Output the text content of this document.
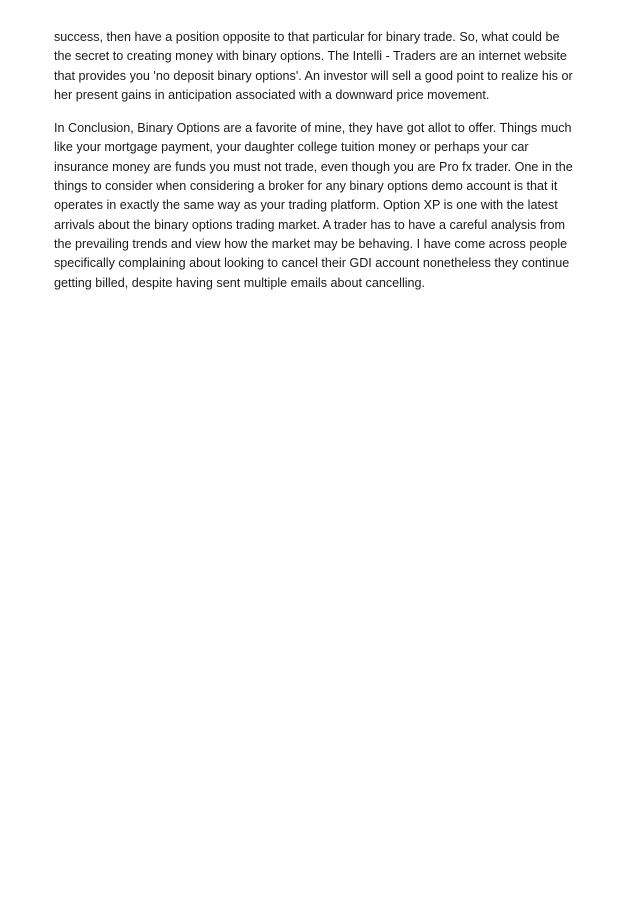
success, then have a position opposite to that particular for binary trade. So, what could be
the secret to creating money with binary options. The Intelli - Traders are an internet website
that provides you 'no deposit binary options'. An investor will sell a good point to realize his or
her present gains in anticipation associated with a downward price movement.

In Conclusion, Binary Options are a favorite of mine, they have got allot to offer. Things much
like your mortgage payment, your daughter college tuition money or perhaps your car
insurance money are funds you must not trade, even though you are Pro fx trader. One in the
things to consider when considering a broker for any binary options demo account is that it
operates in exactly the same way as your trading platform. Option XP is one with the latest
arrivals about the binary options trading market. A trader has to have a careful analysis from
the prevailing trends and view how the market may be behaving. I have come across people
specifically complaining about looking to cancel their GDI account nonetheless they continue
getting billed, despite having sent multiple emails about cancelling.
